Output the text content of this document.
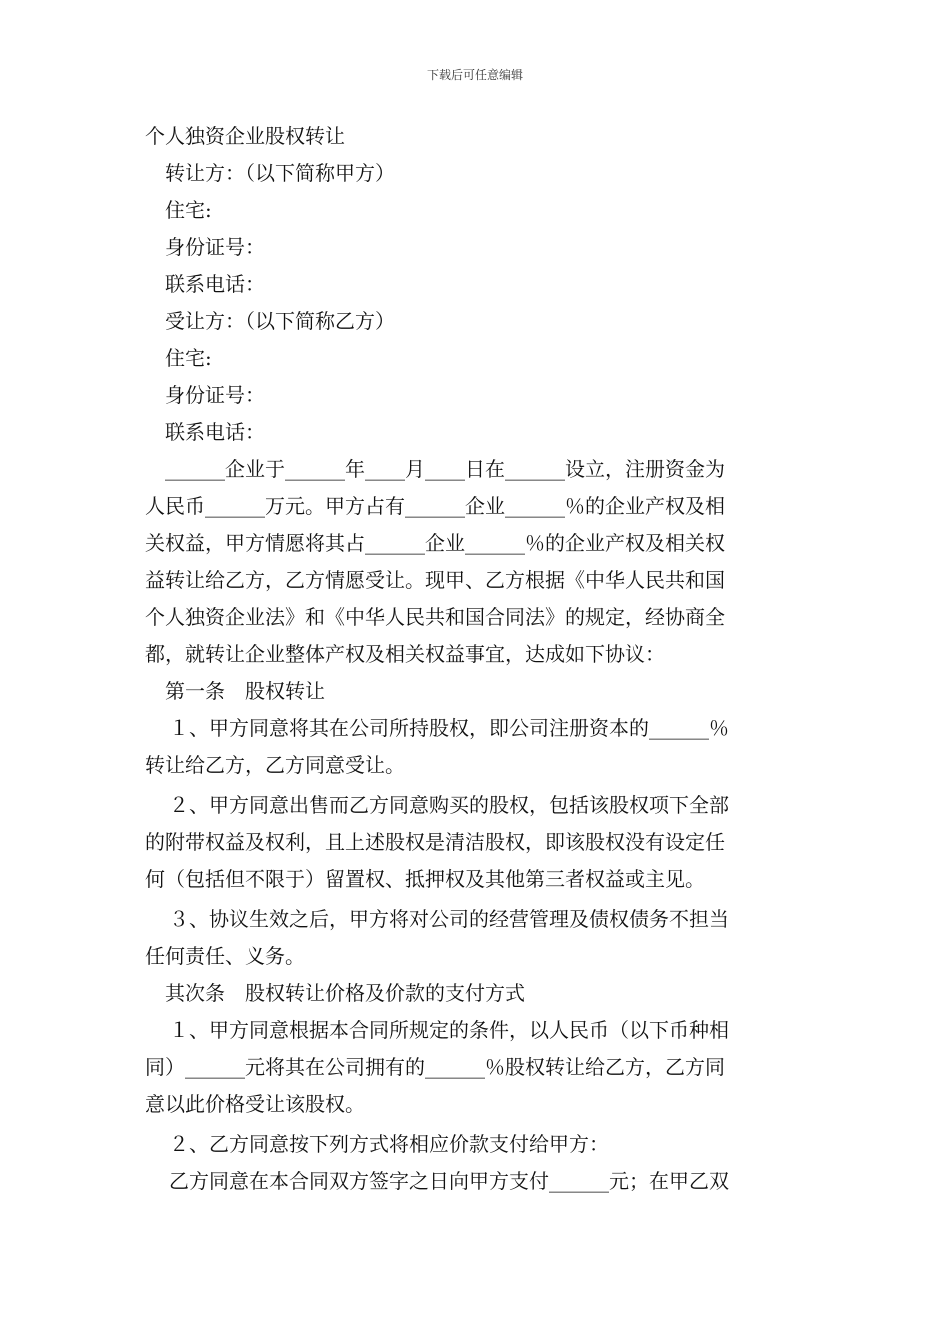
下载后可任意编辑

个人独资企业股权转让

转让方：（以下简称甲方）

住宅:

身份证号：

联系电话：

受让方：（以下简称乙方）

住宅:

身份证号：

联系电话：

______企业于______年____月____日在______设立，注册资金为

人民币______万元。甲方占有______企业______％的企业产权及相

关权益，甲方情愿将其占______企业______％的企业产权及相关权

益转让给乙方，乙方情愿受让。现甲、乙方根据《中华人民共和国

个人独资企业法》和《中华人民共和国合同法》的规定，经协商全

都，就转让企业整体产权及相关权益事宜，达成如下协议：

第一条　股权转让

１、甲方同意将其在公司所持股权，即公司注册资本的______％

转让给乙方，乙方同意受让。

２、甲方同意出售而乙方同意购买的股权，包括该股权项下全部

的附带权益及权利，且上述股权是清洁股权，即该股权没有设定任

何（包括但不限于）留置权、抵押权及其他第三者权益或主见。

３、协议生效之后，甲方将对公司的经营管理及债权债务不担当

任何责任、义务。

其次条　股权转让价格及价款的支付方式

１、甲方同意根据本合同所规定的条件，以人民币（以下币种相

同）______元将其在公司拥有的______％股权转让给乙方，乙方同

意以此价格受让该股权。

２、乙方同意按下列方式将相应价款支付给甲方：

乙方同意在本合同双方签字之日向甲方支付______元；在甲乙双
